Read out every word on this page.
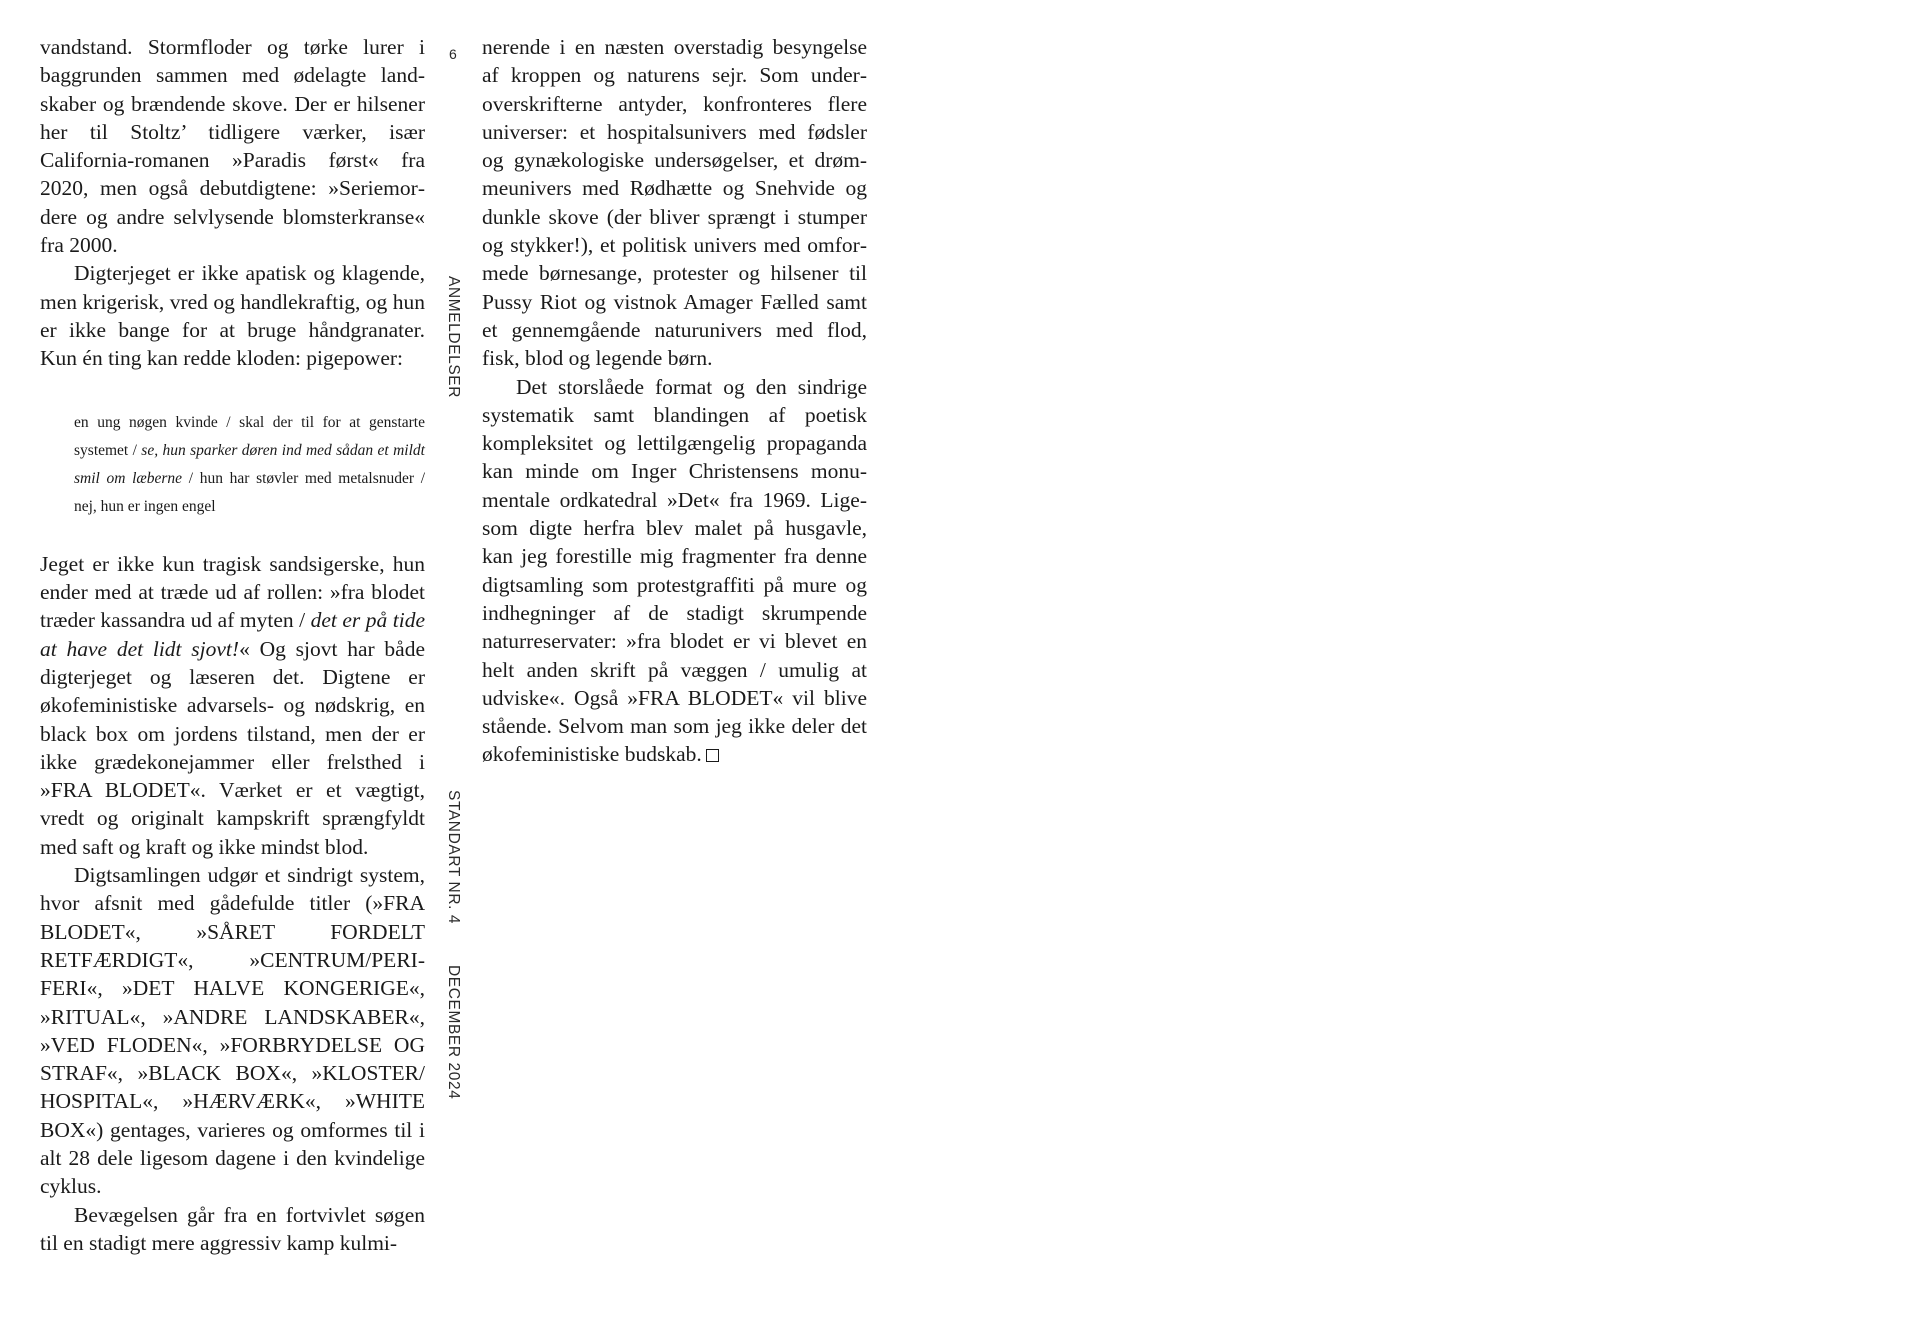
vandstand. Stormfloder og tørke lurer i baggrunden sammen med ødelagte landskaber og brændende skove. Der er hilsener her til Stoltz’ tidligere værker, især California-romanen »Paradis først« fra 2020, men også debutdigtene: »Seriemordere og andre selvlysende blomsterkranse« fra 2000.

Digterjeget er ikke apatisk og klagende, men krigerisk, vred og handlekraftig, og hun er ikke bange for at bruge håndgranater. Kun én ting kan redde kloden: pigepower:

en ung nøgen kvinde / skal der til for at genstarte systemet / se, hun sparker døren ind med sådan et mildt smil om læberne / hun har støvler med metalsnuder / nej, hun er ingen engel

Jeget er ikke kun tragisk sandsigerske, hun ender med at træde ud af rollen: »fra blodet træder kassandra ud af myten / det er på tide at have det lidt sjovt!« Og sjovt har både digterjeget og læseren det. Digtene er økofeministiske advarsels- og nødskrig, en black box om jordens tilstand, men der er ikke grædekonejammer eller frelsthed i »FRA BLODET«. Værket er et vægtigt, vredt og originalt kampskrift sprængfyldt med saft og kraft og ikke mindst blod.

Digtsamlingen udgør et sindrigt system, hvor afsnit med gådefulde titler (»FRA BLODET«, »SÅRET FORDELT RETFÆRDIGT«, »CENTRUM/PERIFERI«, »DET HALVE KONGERIGE«, »RITUAL«, »ANDRE LANDSKABER«, »VED FLODEN«, »FORBRYDELSE OG STRAF«, »BLACK BOX«, »KLOSTER/ HOSPITAL«, »HÆRVÆRK«, »WHITE BOX«) gentages, varieres og omformes til i alt 28 dele ligesom dagene i den kvindelige cyklus.

Bevægelsen går fra en fortvivlet søgen til en stadigt mere aggressiv kamp kulmi-

6
ANMELDELSER
STANDART NR. 4
DECEMBER 2024

nerende i en næsten overstadig besyngelse af kroppen og naturens sejr. Som underoverskrifterne antyder, konfronteres flere universer: et hospitalsunivers med fødsler og gynækologiske undersøgelser, et drømmeunivers med Rødhætte og Snehvide og dunkle skove (der bliver sprængt i stumper og stykker!), et politisk univers med omformede børnesange, protester og hilsener til Pussy Riot og vistnok Amager Fælled samt et gennemgående naturunivers med flod, fisk, blod og legende børn.

Det storslåede format og den sindrige systematik samt blandingen af poetisk kompleksitet og lettilgængelig propaganda kan minde om Inger Christensens monumentale ordkatedral »Det« fra 1969. Ligesom digte herfra blev malet på husgavle, kan jeg forestille mig fragmenter fra denne digtsamling som protestgraffiti på mure og indhegninger af de stadigt skrumpende naturreservater: »fra blodet er vi blevet en helt anden skrift på væggen / umulig at udviske«. Også »FRA BLODET« vil blive stående. Selvom man som jeg ikke deler det økofeministiske budskab.
